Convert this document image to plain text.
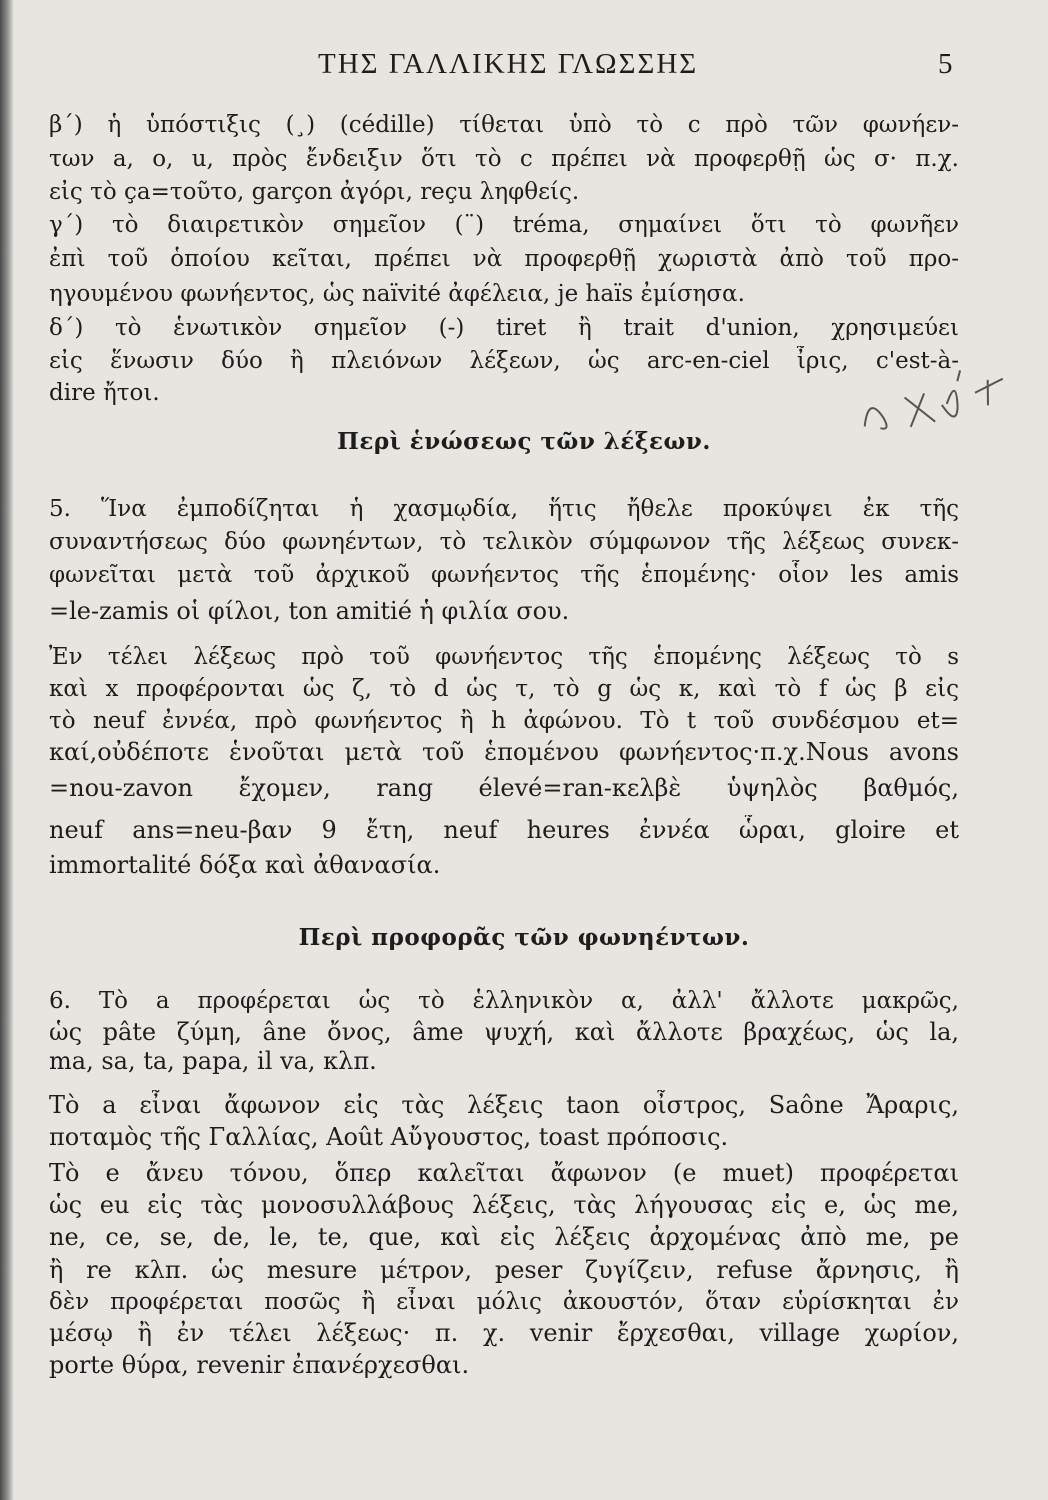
ΤΗΣ ΓΑΛΛΙΚΗΣ ΓΛΩΣΣΗΣ	5
β΄) ἡ ὑπόστιξις (¸) (cédille) τίθεται ὑπὸ τὸ c πρὸ τῶν φωνήεν-
των a, o, u, πρὸς ἔνδειξιν ὅτι τὸ c πρέπει νὰ προφερθῇ ὡς σ· π.χ.
εἰς τὸ ça=τοῦτο, garçon ἀγόρι, reçu ληφθείς.
γ΄) τὸ διαιρετικὸν σημεῖον (¨) tréma, σημαίνει ὅτι τὸ φωνῆεν
ἐπὶ τοῦ ὁποίου κεῖται, πρέπει νὰ προφερθῇ χωριστὰ ἀπὸ τοῦ προ-
ηγουμένου φωνήεντος, ὡς naïvité ἀφέλεια, je haïs ἐμίσησα.
δ΄) τὸ ἑνωτικὸν σημεῖον (-) tiret ἢ trait d'union, χρησιμεύει
εἰς ἕνωσιν δύο ἢ πλειόνων λέξεων, ὡς arc-en-ciel ἶρις, c'est-à-
dire ἤτοι.
Περὶ ἑνώσεως τῶν λέξεων.
5. Ἵνα ἐμποδίζηται ἡ χασμῳδία, ἥτις ἤθελε προκύψει ἐκ τῆς
συναντήσεως δύο φωνηέντων, τὸ τελικὸν σύμφωνον τῆς λέξεως συνεκ-
φωνεῖται μετὰ τοῦ ἀρχικοῦ φωνήεντος τῆς ἑπομένης· οἷον les amis
=le-zamis οἱ φίλοι, ton amitié ἡ φιλία σου.
Ἐν τέλει λέξεως πρὸ τοῦ φωνήεντος τῆς ἑπομένης λέξεως τὸ s
καὶ x προφέρονται ὡς ζ, τὸ d ὡς τ, τὸ g ὡς κ, καὶ τὸ f ὡς β εἰς
τὸ neuf ἐννέα, πρὸ φωνήεντος ἢ h ἀφώνου. Τὸ t τοῦ συνδέσμου et=
καί,οὐδέποτε ἑνοῦται μετὰ τοῦ ἑπομένου φωνήεντος·π.χ.Nous avons
=nou-zavon ἔχομεν, rang élevé=ran-κελβὲ ὑψηλὸς βαθμός,
neuf ans=neu-βαν 9 ἔτη, neuf heures ἐννέα ὧραι, gloire et
immortalité δόξα καὶ ἀθανασία.
Περὶ προφορᾶς τῶν φωνηέντων.
6. Τὸ a προφέρεται ὡς τὸ ἑλληνικὸν α, ἀλλ' ἄλλοτε μακρῶς,
ὡς pâte ζύμη, âne ὄνος, âme ψυχή, καὶ ἄλλοτε βραχέως, ὡς la,
ma, sa, ta, papa, il va, κλπ.
Τὸ a εἶναι ἄφωνον εἰς τὰς λέξεις taon οἶστρος, Saône Ἄραρις,
ποταμὸς τῆς Γαλλίας, Août Αὔγουστος, toast πρόποσις.
Τὸ e ἄνευ τόνου, ὅπερ καλεῖται ἄφωνον (e muet) προφέρεται
ὡς eu εἰς τὰς μονοσυλλάβους λέξεις, τὰς λήγουσας εἰς e, ὡς me,
ne, ce, se, de, le, te, que, καὶ εἰς λέξεις ἀρχομένας ἀπὸ me, pe
ἢ re κλπ. ὡς mesure μέτρον, peser ζυγίζειν, refuse ἄρνησις, ἢ
δὲν προφέρεται ποσῶς ἢ εἶναι μόλις ἀκουστόν, ὅταν εὑρίσκηται ἐν
μέσῳ ἢ ἐν τέλει λέξεως· π. χ. venir ἔρχεσθαι, village χωρίον,
porte θύρα, revenir ἐπανέρχεσθαι.
